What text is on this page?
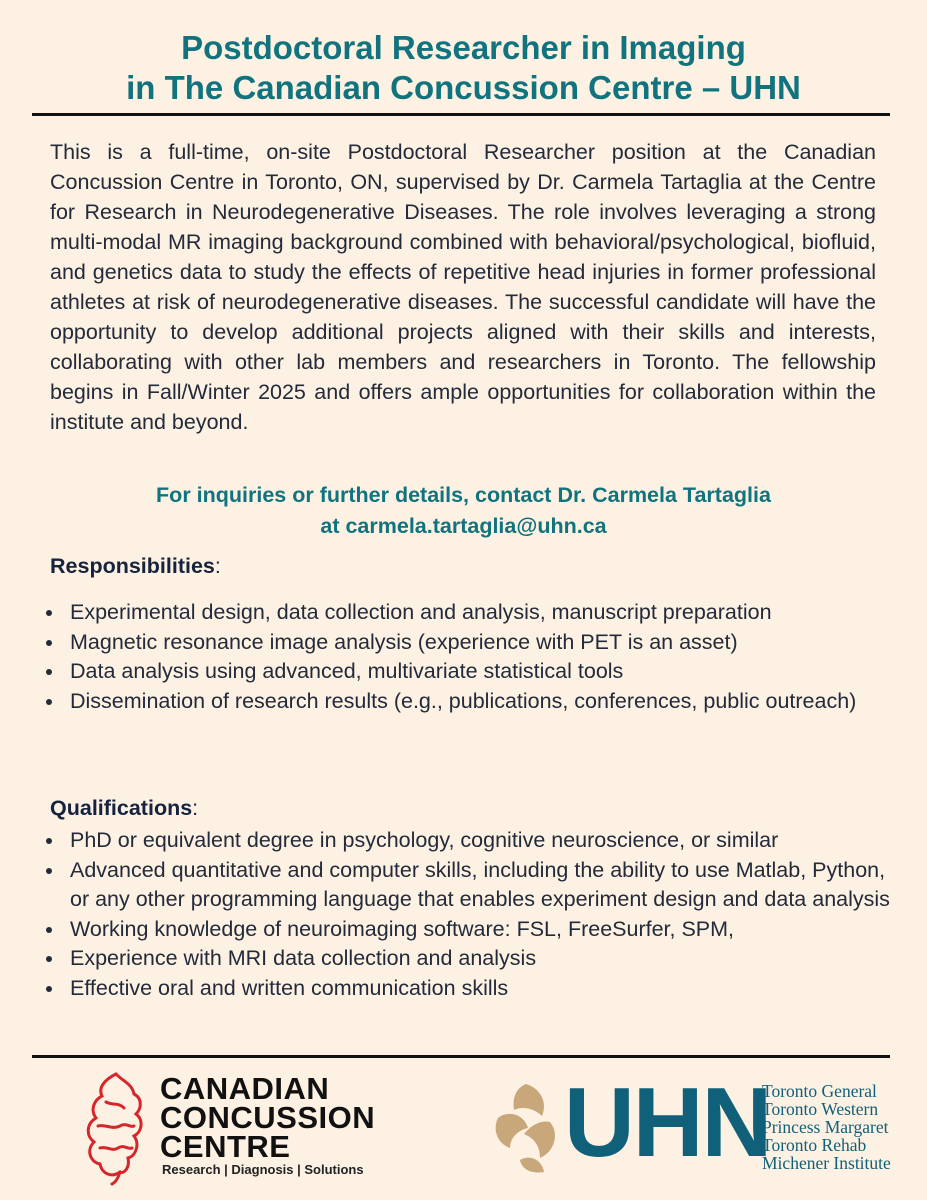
Postdoctoral Researcher in Imaging
in The Canadian Concussion Centre – UHN
This is a full-time, on-site Postdoctoral Researcher position at the Canadian Concussion Centre in Toronto, ON, supervised by Dr. Carmela Tartaglia at the Centre for Research in Neurodegenerative Diseases. The role involves leveraging a strong multi-modal MR imaging background combined with behavioral/psychological, biofluid, and genetics data to study the effects of repetitive head injuries in former professional athletes at risk of neurodegenerative diseases. The successful candidate will have the opportunity to develop additional projects aligned with their skills and interests, collaborating with other lab members and researchers in Toronto. The fellowship begins in Fall/Winter 2025 and offers ample opportunities for collaboration within the institute and beyond.
For inquiries or further details, contact Dr. Carmela Tartaglia
at carmela.tartaglia@uhn.ca
Responsibilities:
Experimental design, data collection and analysis, manuscript preparation
Magnetic resonance image analysis (experience with PET is an asset)
Data analysis using advanced, multivariate statistical tools
Dissemination of research results (e.g., publications, conferences, public outreach)
Qualifications:
PhD or equivalent degree in psychology, cognitive neuroscience, or similar
Advanced quantitative and computer skills, including the ability to use Matlab, Python, or any other programming language that enables experiment design and data analysis
Working knowledge of neuroimaging software: FSL, FreeSurfer, SPM,
Experience with MRI data collection and analysis
Effective oral and written communication skills
CANADIAN
CONCUSSION
CENTRE
Research | Diagnosis | Solutions UHN
Toronto General
Toronto Western
Princess Margaret
Toronto Rehab
Michener Institute
